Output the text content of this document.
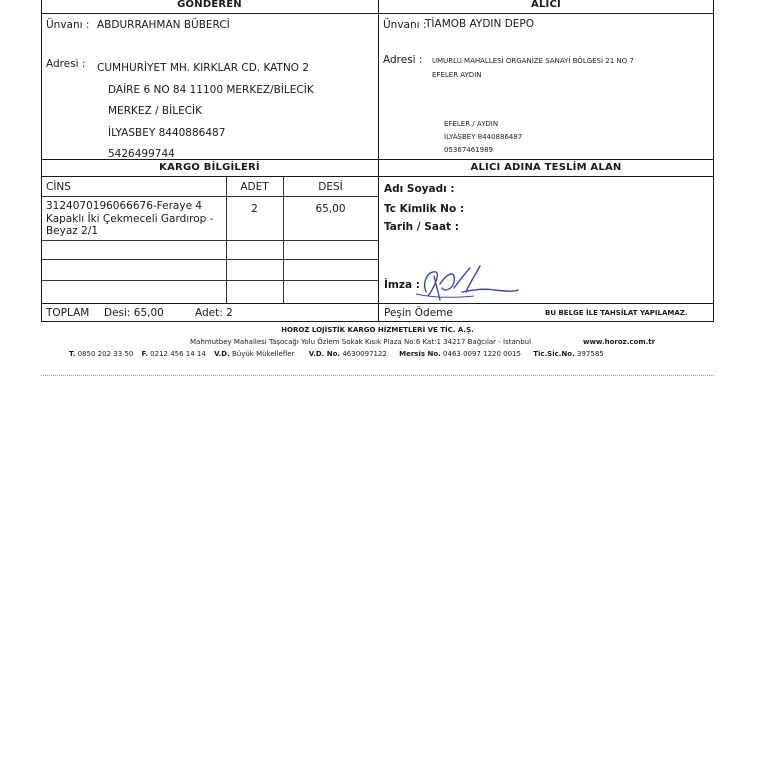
GÖNDEREN	ALICI
Ünvanı : ABDURRAHMAN BÜBERCİ
Adresi : CUMHURİYET MH. KIRKLAR CD. KATNO 2
DAİRE 6 NO 84 11100 MERKEZ/BİLECİK
MERKEZ / BİLECİK
İLYASBEY 8440886487
5426499744
Ünvanı :
TİAMOB AYDIN DEPO
Adresi : UMURLU MAHALLESİ ORGANİZE SANAYİ BÖLGESİ 21 NO 7
EFELER AYDIN
EFELER / AYDIN
İLYASBEY 8440886487
05367461989
KARGO BİLGİLERİ	ALICI ADINA TESLİM ALAN
CİNS	ADET	DESİ
3124070196066676-Feraye 4
Kapaklı İki Çekmeceli Gardırop -
Beyaz 2/1
2	65,00
TOPLAM Desi: 65,00	Adet: 2
Adı Soyadı :
Tc Kimlik No :
Tarih / Saat :
İmza :
Peşin Ödeme	BU BELGE İLE TAHSİLAT YAPILAMAZ.
HOROZ LOJİSTİK KARGO HİZMETLERİ VE TİC. A.Ş.
Mahmutbey Mahallesi Taşocağı Yolu Özlem Sokak Kısık Plaza No:6 Kat:1 34217 Bağcılar - İstanbul	www.horoz.com.tr
T. 0850 202 33 50 F. 0212 456 14 14 V.D. Büyük Mükellefler V.D. No. 4630097122 Mersis No. 0463 0097 1220 0015 Tic.Sic.No. 397585
